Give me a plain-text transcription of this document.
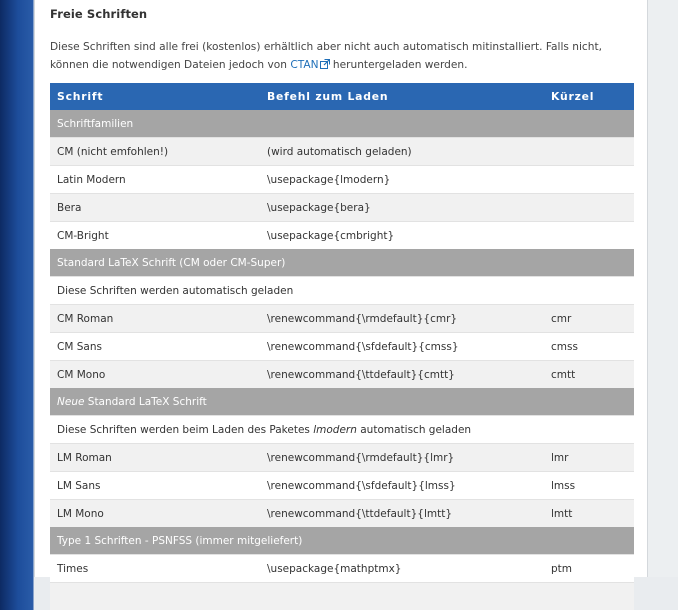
Freie Schriften

Diese Schriften sind alle frei (kostenlos) erhältlich aber nicht auch automatisch mitinstalliert. Falls nicht, können die notwendigen Dateien jedoch von CTAN heruntergeladen werden.

Schrift	Befehl zum Laden	Kürzel
Schriftfamilien		
CM (nicht emfohlen!)	(wird automatisch geladen)	
Latin Modern	\usepackage{lmodern}	
Bera	\usepackage{bera}	
CM-Bright	\usepackage{cmbright}	
Standard LaTeX Schrift (CM oder CM-Super)		
Diese Schriften werden automatisch geladen		
CM Roman	\renewcommand{\rmdefault}{cmr}	cmr
CM Sans	\renewcommand{\sfdefault}{cmss}	cmss
CM Mono	\renewcommand{\ttdefault}{cmtt}	cmtt
Neue Standard LaTeX Schrift		
Diese Schriften werden beim Laden des Paketes lmodern automatisch geladen		
LM Roman	\renewcommand{\rmdefault}{lmr}	lmr
LM Sans	\renewcommand{\sfdefault}{lmss}	lmss
LM Mono	\renewcommand{\ttdefault}{lmtt}	lmtt
Type 1 Schriften - PSNFSS (immer mitgeliefert)		
Times	\usepackage{mathptmx}	ptm
